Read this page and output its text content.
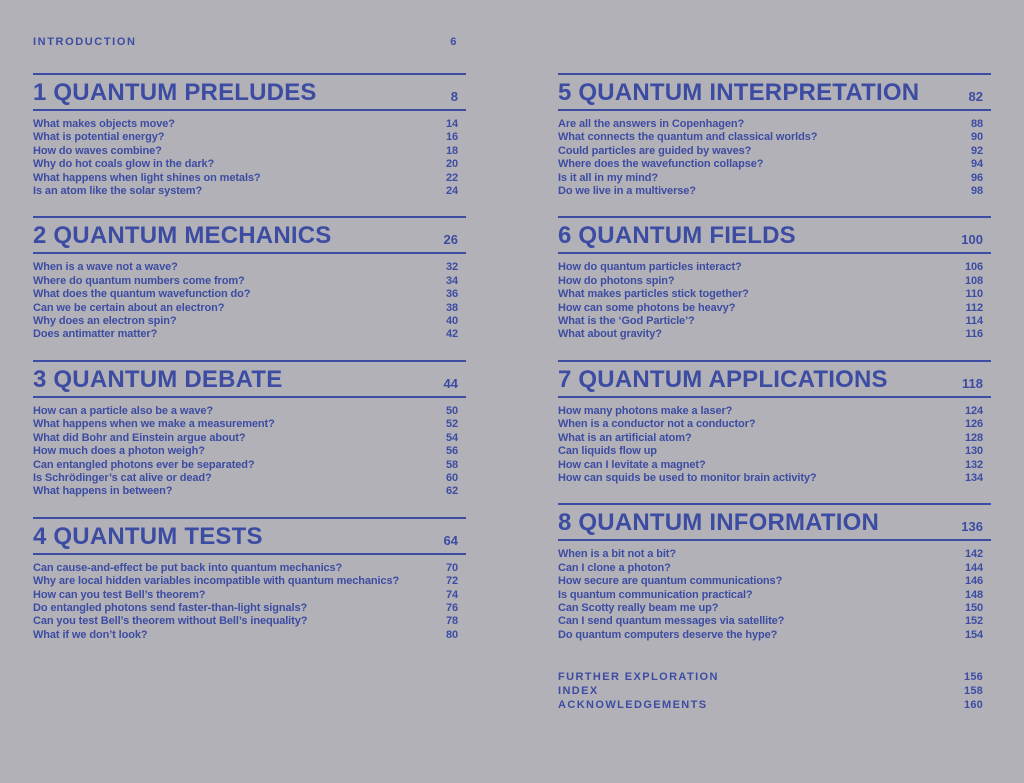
INTRODUCTION	6
1 QUANTUM PRELUDES	8
What makes objects move?	14
What is potential energy?	16
How do waves combine?	18
Why do hot coals glow in the dark?	20
What happens when light shines on metals?	22
Is an atom like the solar system?	24
2 QUANTUM MECHANICS	26
When is a wave not a wave?	32
Where do quantum numbers come from?	34
What does the quantum wavefunction do?	36
Can we be certain about an electron?	38
Why does an electron spin?	40
Does antimatter matter?	42
3 QUANTUM DEBATE	44
How can a particle also be a wave?	50
What happens when we make a measurement?	52
What did Bohr and Einstein argue about?	54
How much does a photon weigh?	56
Can entangled photons ever be separated?	58
Is Schrödinger’s cat alive or dead?	60
What happens in between?	62
4 QUANTUM TESTS	64
Can cause-and-effect be put back into quantum mechanics?	70
Why are local hidden variables incompatible with quantum mechanics?	72
How can you test Bell’s theorem?	74
Do entangled photons send faster-than-light signals?	76
Can you test Bell’s theorem without Bell’s inequality?	78
What if we don’t look?	80
5 QUANTUM INTERPRETATION	82
Are all the answers in Copenhagen?	88
What connects the quantum and classical worlds?	90
Could particles are guided by waves?	92
Where does the wavefunction collapse?	94
Is it all in my mind?	96
Do we live in a multiverse?	98
6 QUANTUM FIELDS	100
How do quantum particles interact?	106
How do photons spin?	108
What makes particles stick together?	110
How can some photons be heavy?	112
What is the ‘God Particle’?	114
What about gravity?	116
7 QUANTUM APPLICATIONS	118
How many photons make a laser?	124
When is a conductor not a conductor?	126
What is an artificial atom?	128
Can liquids flow up	130
How can I levitate a magnet?	132
How can squids be used to monitor brain activity?	134
8 QUANTUM INFORMATION	136
When is a bit not a bit?	142
Can I clone a photon?	144
How secure are quantum communications?	146
Is quantum communication practical?	148
Can Scotty really beam me up?	150
Can I send quantum messages via satellite?	152
Do quantum computers deserve the hype?	154
FURTHER EXPLORATION	156
INDEX	158
ACKNOWLEDGEMENTS	160
